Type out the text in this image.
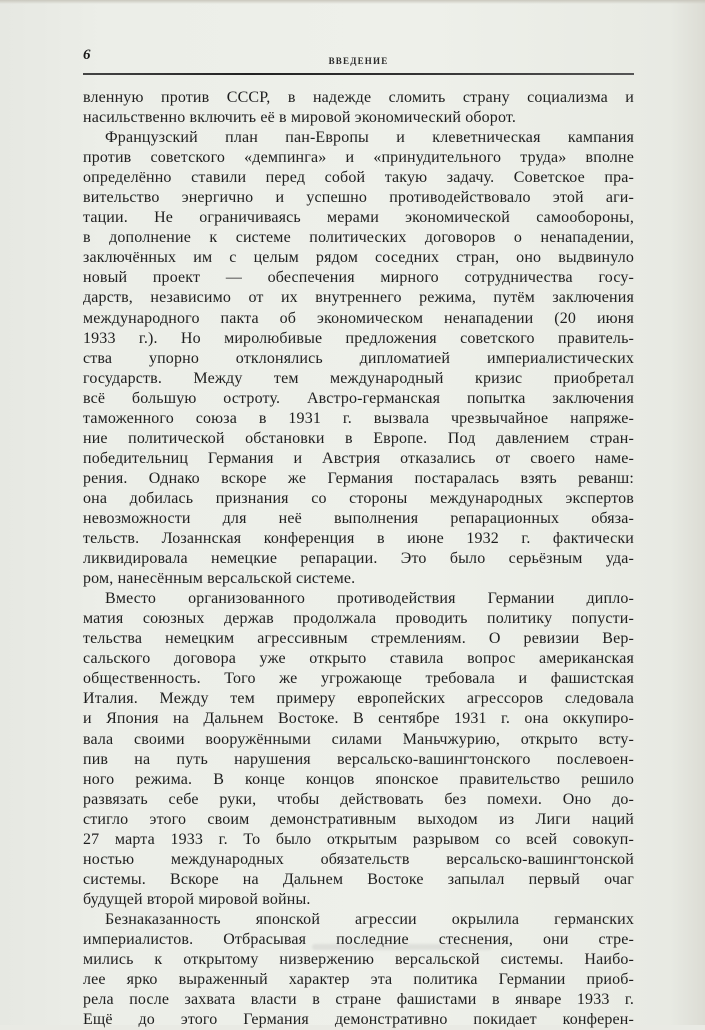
6	ВВЕДЕНИЕ
вленную против СССР, в надежде сломить страну социализма и
насильственно включить её в мировой экономический оборот.
Французский план пан-Европы и клеветническая кампания
против советского «демпинга» и «принудительного труда» вполне
определённо ставили перед собой такую задачу. Советское пра-
вительство энергично и успешно противодействовало этой аги-
тации. Не ограничиваясь мерами экономической самообороны,
в дополнение к системе политических договоров о ненападении,
заключённых им с целым рядом соседних стран, оно выдвинуло
новый проект — обеспечения мирного сотрудничества госу-
дарств, независимо от их внутреннего режима, путём заключения
международного пакта об экономическом ненападении (20 июня
1933 г.). Но миролюбивые предложения советского правитель-
ства упорно отклонялись дипломатией империалистических
государств. Между тем международный кризис приобретал
всё большую остроту. Австро-германская попытка заключения
таможенного союза в 1931 г. вызвала чрезвычайное напряже-
ние политической обстановки в Европе. Под давлением стран-
победительниц Германия и Австрия отказались от своего наме-
рения. Однако вскоре же Германия постаралась взять реванш:
она добилась признания со стороны международных экспертов
невозможности для неё выполнения репарационных обяза-
тельств. Лозаннская конференция в июне 1932 г. фактически
ликвидировала немецкие репарации. Это было серьёзным уда-
ром, нанесённым версальской системе.
Вместо организованного противодействия Германии дипло-
матия союзных держав продолжала проводить политику попусти-
тельства немецким агрессивным стремлениям. О ревизии Вер-
сальского договора уже открыто ставила вопрос американская
общественность. Того же угрожающе требовала и фашистская
Италия. Между тем примеру европейских агрессоров следовала
и Япония на Дальнем Востоке. В сентябре 1931 г. она оккупиро-
вала своими вооружёнными силами Маньчжурию, открыто всту-
пив на путь нарушения версальско-вашингтонского послевоен-
ного режима. В конце концов японское правительство решило
развязать себе руки, чтобы действовать без помехи. Оно до-
стигло этого своим демонстративным выходом из Лиги наций
27 марта 1933 г. То было открытым разрывом со всей совокуп-
ностью международных обязательств версальско-вашингтонской
системы. Вскоре на Дальнем Востоке запылал первый очаг
будущей второй мировой войны.
Безнаказанность японской агрессии окрылила германских
империалистов. Отбрасывая последние стеснения, они стре-
мились к открытому низвержению версальской системы. Наибо-
лее ярко выраженный характер эта политика Германии приоб-
рела после захвата власти в стране фашистами в январе 1933 г.
Ещё до этого Германия демонстративно покидает конферен-
